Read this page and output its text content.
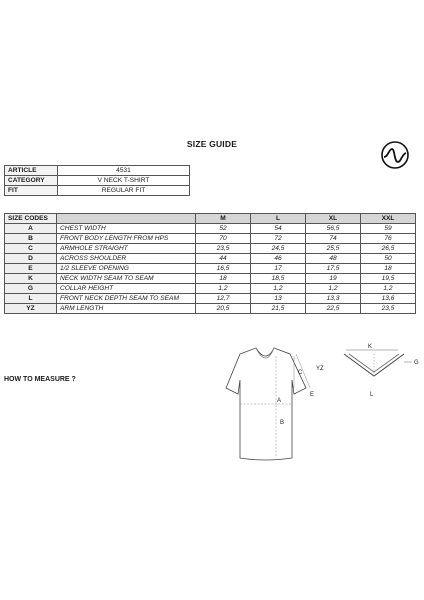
SIZE GUIDE
ARTICLE	4531
CATEGORY	V NECK T-SHIRT
FIT	REGULAR FIT
SIZE CODES		M	L	XL	XXL
A	CHEST WIDTH	52	54	56,5	59
B	FRONT BODY LENGTH FROM HPS	70	72	74	76
C	ARMHOLE STRAIGHT	23,5	24,5	25,5	26,5
D	ACROSS SHOULDER	44	46	48	50
E	1/2 SLEEVE OPENING	16,5	17	17,5	18
K	NECK WIDTH SEAM TO SEAM	18	18,5	19	19,5
G	COLLAR HEIGHT	1,2	1,2	1,2	1,2
L	FRONT NECK DEPTH SEAM TO SEAM	12,7	13	13,3	13,6
YZ	ARM LENGTH	20,5	21,5	22,5	23,5
HOW TO MEASURE ?
A
B
C
E
YZ
K
G
L
